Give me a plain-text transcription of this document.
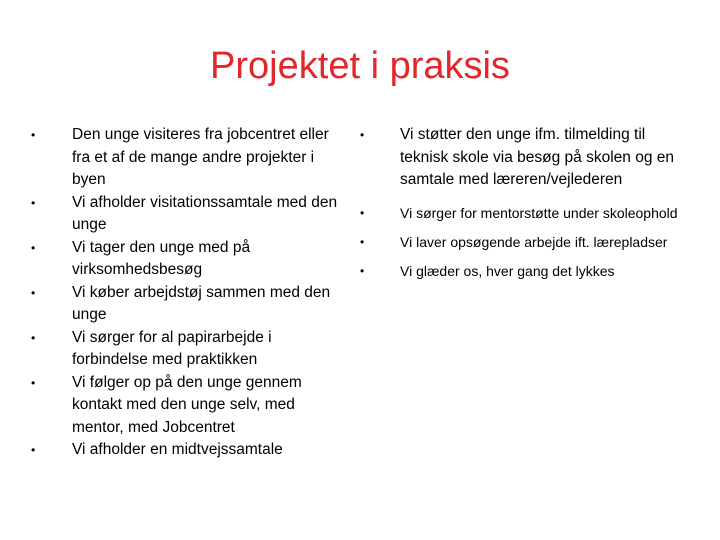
Projektet i praksis
• Den unge visiteres fra jobcentret eller fra et af de mange andre projekter i byen
• Vi afholder visitationssamtale med den unge
• Vi tager den unge med på virksomhedsbesøg
• Vi køber arbejdstøj sammen med den unge
• Vi sørger for al papirarbejde i forbindelse med praktikken
• Vi følger op på den unge gennem kontakt med den unge selv, med mentor, med Jobcentret
• Vi afholder en midtvejssamtale
• Vi støtter den unge ifm. tilmelding til teknisk skole via besøg på skolen og en samtale med læreren/vejlederen
•	Vi sørger for mentorstøtte under skoleophold
•	Vi laver opsøgende arbejde ift. lærepladser
•	Vi glæder os, hver gang det lykkes
